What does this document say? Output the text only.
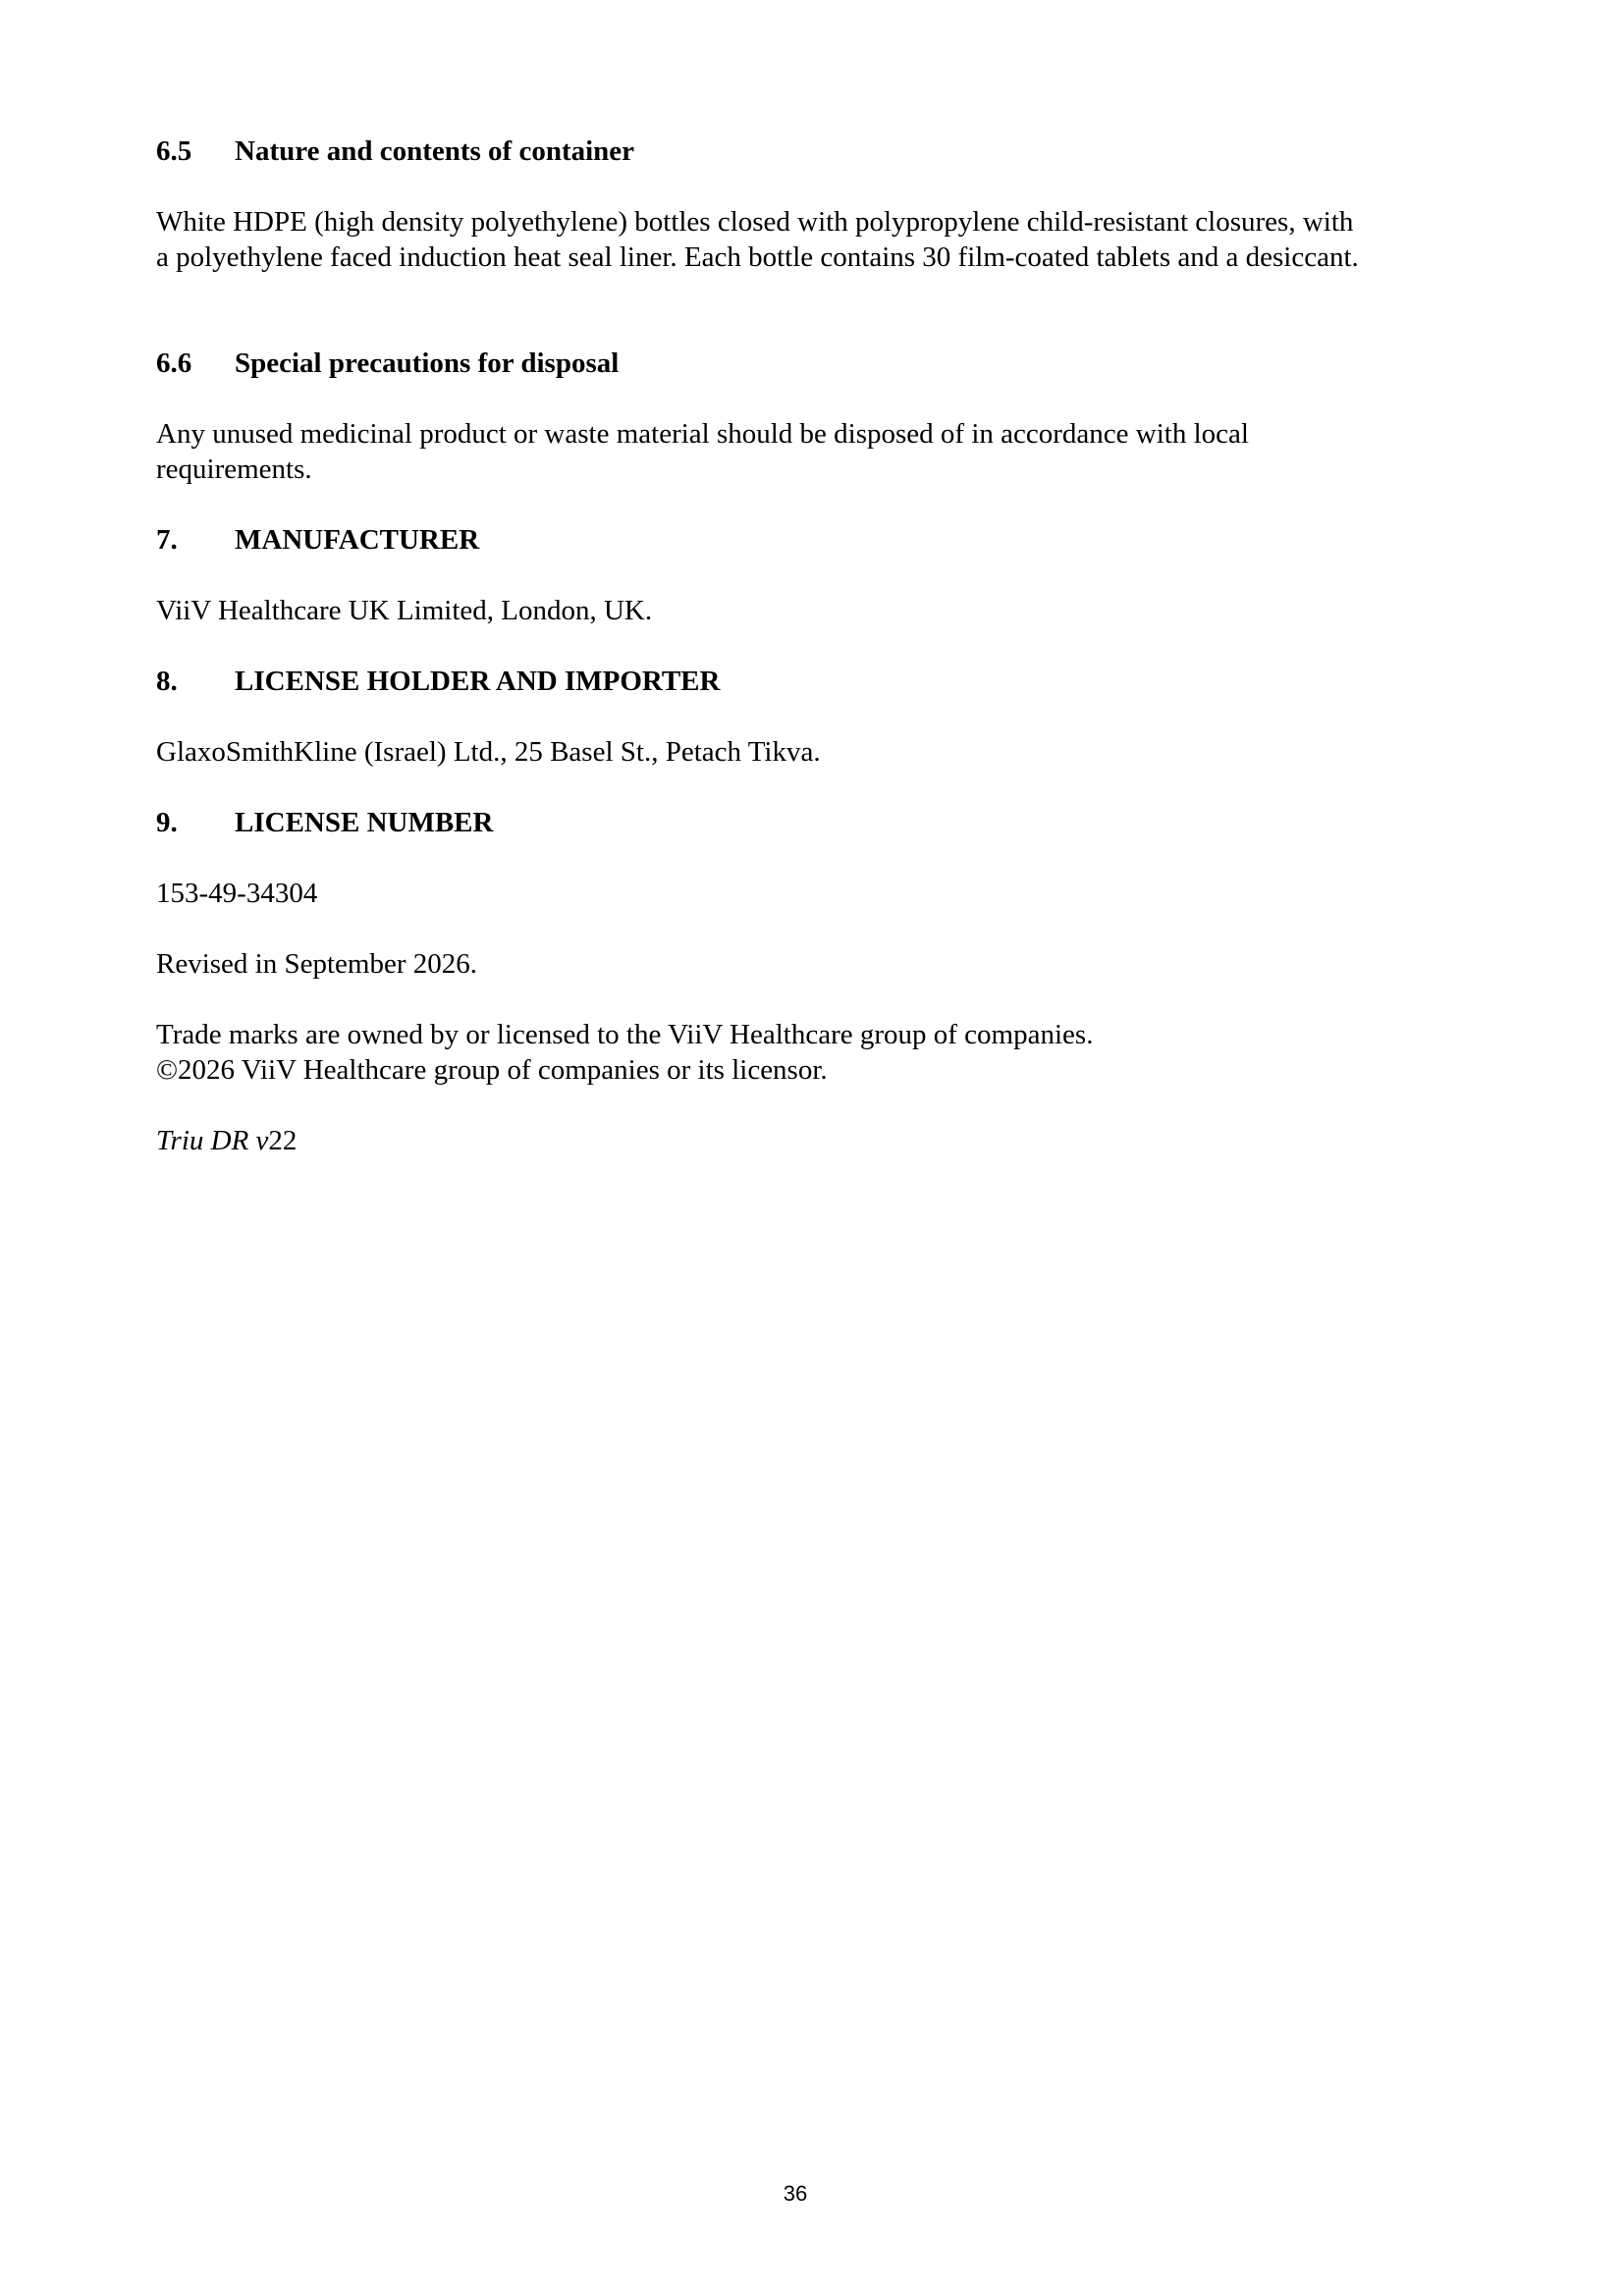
6.5	Nature and contents of container
White HDPE (high density polyethylene) bottles closed with polypropylene child-resistant closures, with
a polyethylene faced induction heat seal liner. Each bottle contains 30 film-coated tablets and a desiccant.
6.6	Special precautions for disposal
Any unused medicinal product or waste material should be disposed of in accordance with local
requirements.
7.	MANUFACTURER
ViiV Healthcare UK Limited, London, UK.
8.	LICENSE HOLDER AND IMPORTER
GlaxoSmithKline (Israel) Ltd., 25 Basel St., Petach Tikva.
9.	LICENSE NUMBER
153-49-34304
Revised in September 2026.
Trade marks are owned by or licensed to the ViiV Healthcare group of companies.
©2026 ViiV Healthcare group of companies or its licensor.
Triu DR v22
36
